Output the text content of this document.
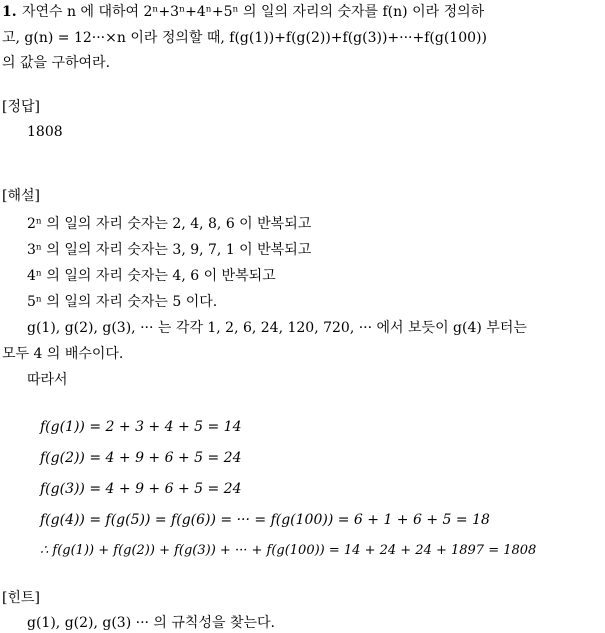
1. 자연수 n 에 대하여 2ⁿ+3ⁿ+4ⁿ+5ⁿ 의 일의 자리의 숫자를 f(n) 이라 정의하
고, g(n) = 12···×n 이라 정의할 때, f(g(1))+f(g(2))+f(g(3))+···+f(g(100))
의 값을 구하여라.
[정답]
1808
[해설]
2ⁿ 의 일의 자리 숫자는 2, 4, 8, 6 이 반복되고
3ⁿ 의 일의 자리 숫자는 3, 9, 7, 1 이 반복되고
4ⁿ 의 일의 자리 숫자는 4, 6 이 반복되고
5ⁿ 의 일의 자리 숫자는 5 이다.
g(1), g(2), g(3), ··· 는 각각 1, 2, 6, 24, 120, 720, ··· 에서 보듯이 g(4) 부터는
모두 4 의 배수이다.
따라서
f(g(1)) = 2 + 3 + 4 + 5 = 14
f(g(2)) = 4 + 9 + 6 + 5 = 24
f(g(3)) = 4 + 9 + 6 + 5 = 24
f(g(4)) = f(g(5)) = f(g(6)) = ··· = f(g(100)) = 6 + 1 + 6 + 5 = 18
∴ f(g(1)) + f(g(2)) + f(g(3)) + ··· + f(g(100)) = 14 + 24 + 24 + 1897 = 1808
[힌트]
g(1), g(2), g(3) ··· 의 규칙성을 찾는다.
